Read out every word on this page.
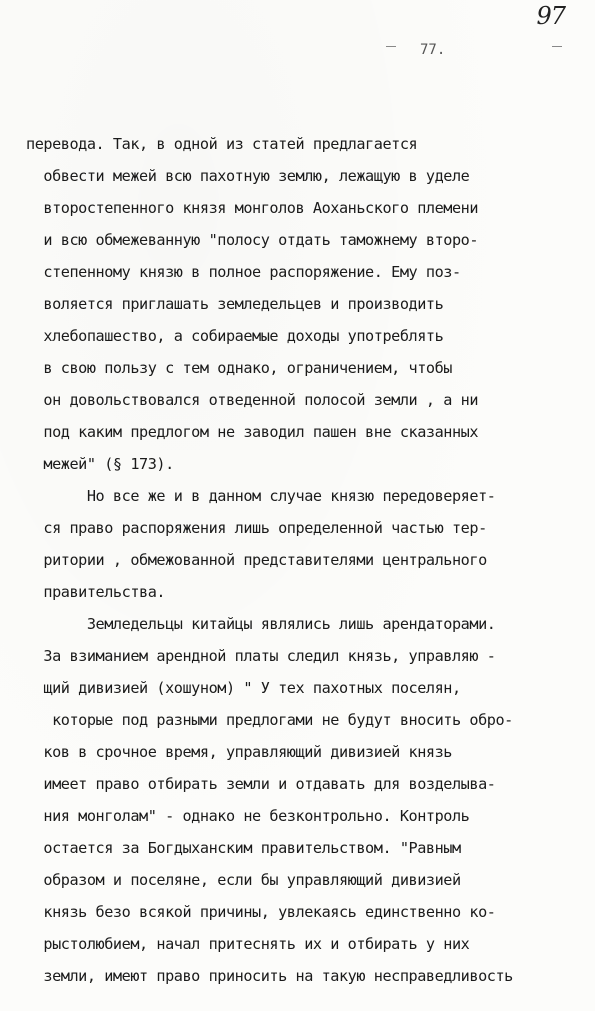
97
77.
перевода. Так, в одной из статей предлагается
обвести межей всю пахотную землю, лежащую в уделе
второстепенного князя монголов Аоханьского племени
и всю обмежеванную "полосу отдать таможнему второ-
степенному князю в полное распоряжение. Ему поз-
воляется приглашать земледельцев и производить
хлебопашество, а собираемые доходы употреблять
в свою пользу с тем однако, ограничением, чтобы
он довольствовался отведенной полосой земли , а ни
под каким предлогом не заводил пашен вне сказанных
межей" (§ 173).
Но все же и в данном случае князю передоверяет-
ся право распоряжения лишь определенной частью тер-
ритории , обмежованной представителями центрального
правительства.
Земледельцы китайцы являлись лишь арендаторами.
За взиманием арендной платы следил князь, управляю -
щий дивизией (хошуном) " У тех пахотных поселян,
которые под разными предлогами не будут вносить обро-
ков в срочное время, управляющий дивизией князь
имеет право отбирать земли и отдавать для возделыва-
ния монголам" - однако не безконтрольно. Контроль
остается за Богдыханским правительством. "Равным
образом и поселяне, если бы управляющий дивизией
князь безо всякой причины, увлекаясь единственно ко-
рыстолюбием, начал притеснять их и отбирать у них
земли, имеют право приносить на такую несправедливость
